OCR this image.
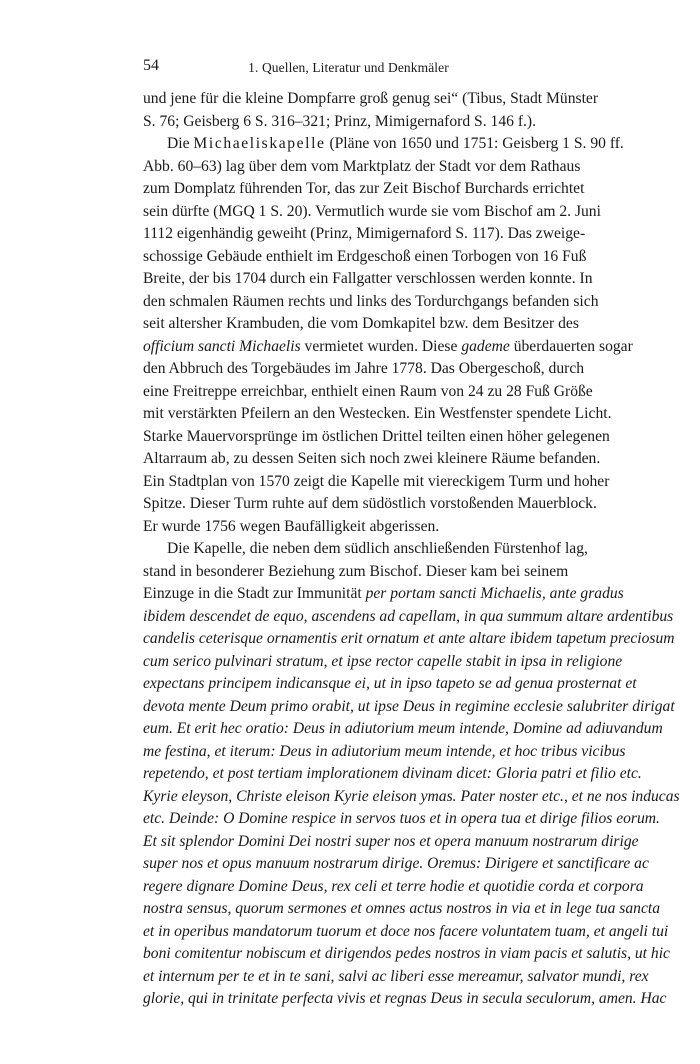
54	1. Quellen, Literatur und Denkmäler
und jene für die kleine Dompfarre groß genug sei“ (Tibus, Stadt Münster
S. 76; Geisberg 6 S. 316–321; Prinz, Mimigernaford S. 146 f.).
Die Michaeliskapelle (Pläne von 1650 und 1751: Geisberg 1 S. 90 ff.
Abb. 60–63) lag über dem vom Marktplatz der Stadt vor dem Rathaus
zum Domplatz führenden Tor, das zur Zeit Bischof Burchards errichtet
sein dürfte (MGQ 1 S. 20). Vermutlich wurde sie vom Bischof am 2. Juni
1112 eigenhändig geweiht (Prinz, Mimigernaford S. 117). Das zweige-
schossige Gebäude enthielt im Erdgeschoß einen Torbogen von 16 Fuß
Breite, der bis 1704 durch ein Fallgatter verschlossen werden konnte. In
den schmalen Räumen rechts und links des Tordurchgangs befanden sich
seit altersher Krambuden, die vom Domkapitel bzw. dem Besitzer des
officium sancti Michaelis vermietet wurden. Diese gademe überdauerten sogar
den Abbruch des Torgebäudes im Jahre 1778. Das Obergeschoß, durch
eine Freitreppe erreichbar, enthielt einen Raum von 24 zu 28 Fuß Größe
mit verstärkten Pfeilern an den Westecken. Ein Westfenster spendete Licht.
Starke Mauervorsprünge im östlichen Drittel teilten einen höher gelegenen
Altarraum ab, zu dessen Seiten sich noch zwei kleinere Räume befanden.
Ein Stadtplan von 1570 zeigt die Kapelle mit viereckigem Turm und hoher
Spitze. Dieser Turm ruhte auf dem südöstlich vorstoßenden Mauerblock.
Er wurde 1756 wegen Baufälligkeit abgerissen.
Die Kapelle, die neben dem südlich anschließenden Fürstenhof lag,
stand in besonderer Beziehung zum Bischof. Dieser kam bei seinem
Einzuge in die Stadt zur Immunität per portam sancti Michaelis, ante gradus
ibidem descendet de equo, ascendens ad capellam, in qua summum altare ardentibus
candelis ceterisque ornamentis erit ornatum et ante altare ibidem tapetum preciosum
cum serico pulvinari stratum, et ipse rector capelle stabit in ipsa in religione
expectans principem indicansque ei, ut in ipso tapeto se ad genua prosternat et
devota mente Deum primo orabit, ut ipse Deus in regimine ecclesie salubriter dirigat
eum. Et erit hec oratio: Deus in adiutorium meum intende, Domine ad adiuvandum
me festina, et iterum: Deus in adiutorium meum intende, et hoc tribus vicibus
repetendo, et post tertiam implorationem divinam dicet: Gloria patri et filio etc.
Kyrie eleyson, Christe eleison Kyrie eleison ymas. Pater noster etc., et ne nos inducas
etc. Deinde: O Domine respice in servos tuos et in opera tua et dirige filios eorum.
Et sit splendor Domini Dei nostri super nos et opera manuum nostrarum dirige
super nos et opus manuum nostrarum dirige. Oremus: Dirigere et sanctificare ac
regere dignare Domine Deus, rex celi et terre hodie et quotidie corda et corpora
nostra sensus, quorum sermones et omnes actus nostros in via et in lege tua sancta
et in operibus mandatorum tuorum et doce nos facere voluntatem tuam, et angeli tui
boni comitentur nobiscum et dirigendos pedes nostros in viam pacis et salutis, ut hic
et internum per te et in te sani, salvi ac liberi esse mereamur, salvator mundi, rex
glorie, qui in trinitate perfecta vivis et regnas Deus in secula seculorum, amen. Hac
